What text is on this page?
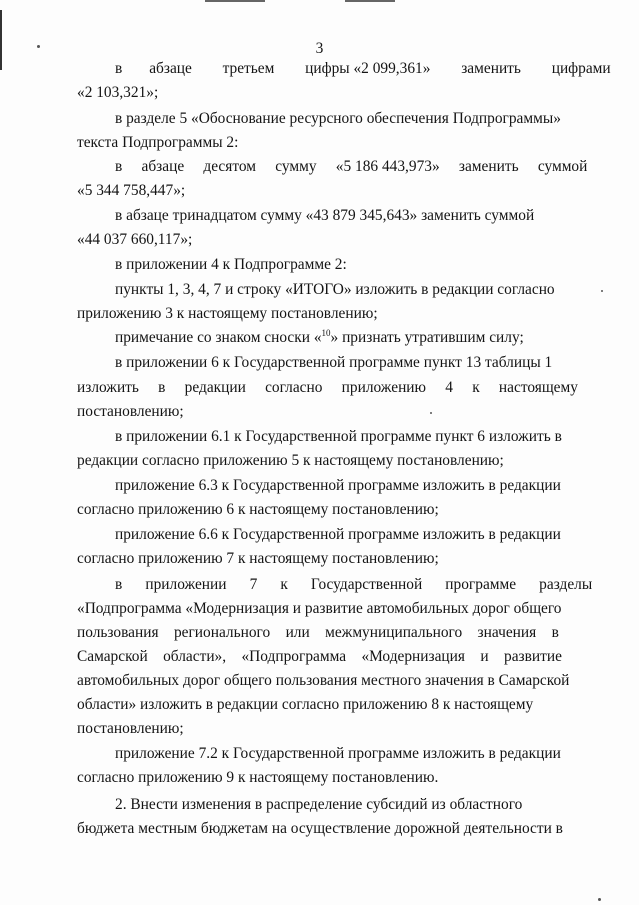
3
в       абзаце        третьем        цифры «2 099,361»        заменить        цифрами
«2 103,321»;
в разделе 5 «Обоснование ресурсного обеспечения Подпрограммы»
текста Подпрограммы 2:
в     абзаце     десятом     сумму     «5 186 443,973»     заменить     суммой
«5 344 758,447»;
в абзаце тринадцатом сумму «43 879 345,643» заменить суммой
«44 037 660,117»;
в приложении 4 к Подпрограмме 2:
пункты 1, 3, 4, 7 и строку «ИТОГО» изложить в редакции согласно
приложению 3 к настоящему постановлению;
примечание со знаком сноски «$^{10}$» признать утратившим силу;
в приложении 6 к Государственной программе пункт 13 таблицы 1
изложить     в     редакции     согласно     приложению     4     к     настоящему
постановлению;
в приложении 6.1 к Государственной программе пункт 6 изложить в
редакции согласно приложению 5 к настоящему постановлению;
приложение 6.3 к Государственной программе изложить в редакции
согласно приложению 6 к настоящему постановлению;
приложение 6.6 к Государственной программе изложить в редакции
согласно приложению 7 к настоящему постановлению;
в      приложении      7      к      Государственной      программе      разделы
«Подпрограмма «Модернизация и развитие автомобильных дорог общего
пользования    регионального    или    межмуниципального    значения    в
Самарской    области»,    «Подпрограмма    «Модернизация    и    развитие
автомобильных дорог общего пользования местного значения в Самарской
области» изложить в редакции согласно приложению 8 к настоящему
постановлению;
приложение 7.2 к Государственной программе изложить в редакции
согласно приложению 9 к настоящему постановлению.
2. Внести изменения в распределение субсидий из областного
бюджета местным бюджетам на осуществление дорожной деятельности в
